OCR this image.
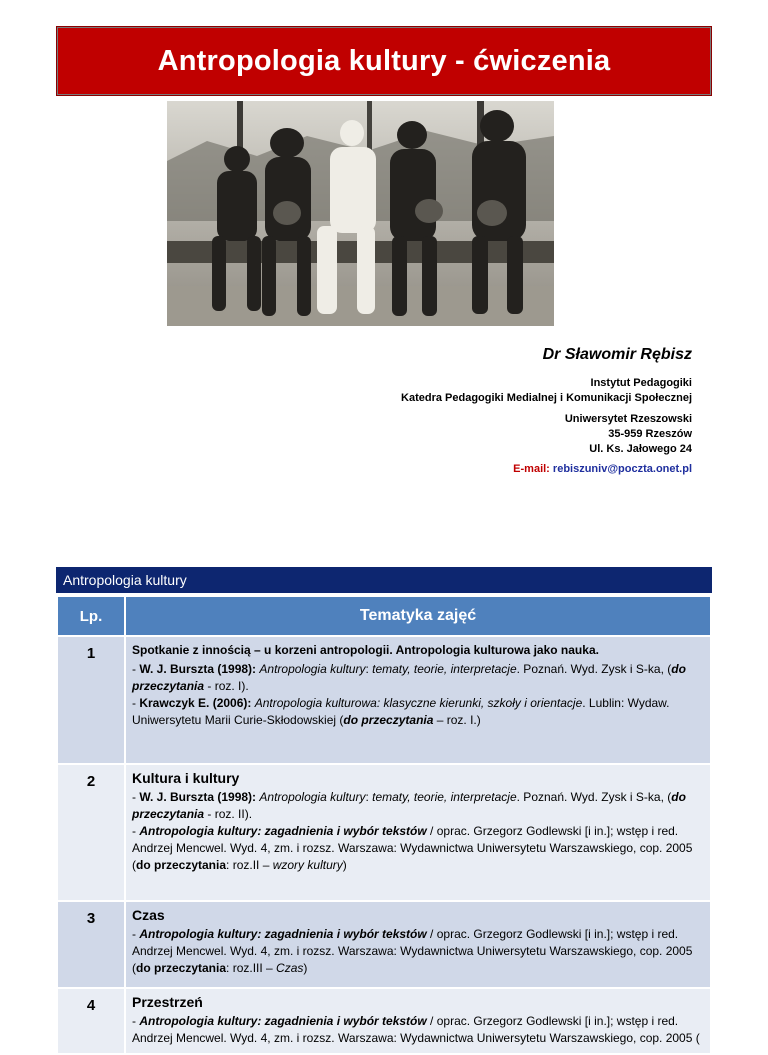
Antropologia kultury - ćwiczenia
Dr Sławomir Rębisz
Instytut Pedagogiki
Katedra Pedagogiki Medialnej i Komunikacji Społecznej
Uniwersytet Rzeszowski
35-959 Rzeszów
Ul. Ks. Jałowego 24
E-mail: rebiszuniv@poczta.onet.pl
Antropologia kultury
Lp.	Tematyka zajęć
1	Spotkanie z innością – u korzeni antropologii. Antropologia kulturowa jako nauka.
- W. J. Burszta (1998): Antropologia kultury: tematy, teorie, interpretacje. Poznań. Wyd. Zysk i S-ka, (do przeczytania - roz. I).
- Krawczyk E. (2006): Antropologia kulturowa: klasyczne kierunki, szkoły i orientacje. Lublin: Wydaw. Uniwersytetu Marii Curie-Skłodowskiej (do przeczytania – roz. I.)

2	Kultura i kultury
- W. J. Burszta (1998): Antropologia kultury: tematy, teorie, interpretacje. Poznań. Wyd. Zysk i S-ka, (do przeczytania - roz. II).
- Antropologia kultury: zagadnienia i wybór tekstów / oprac. Grzegorz Godlewski [i in.]; wstęp i red. Andrzej Mencwel. Wyd. 4, zm. i rozsz. Warszawa: Wydawnictwa Uniwersytetu Warszawskiego, cop. 2005 (do przeczytania: roz.II – wzory kultury)

3	Czas
- Antropologia kultury: zagadnienia i wybór tekstów / oprac. Grzegorz Godlewski [i in.]; wstęp i red. Andrzej Mencwel. Wyd. 4, zm. i rozsz. Warszawa: Wydawnictwa Uniwersytetu Warszawskiego, cop. 2005 (do przeczytania: roz.III – Czas)

4	Przestrzeń
- Antropologia kultury: zagadnienia i wybór tekstów / oprac. Grzegorz Godlewski [i in.]; wstęp i red. Andrzej Mencwel. Wyd. 4, zm. i rozsz. Warszawa: Wydawnictwa Uniwersytetu Warszawskiego, cop. 2005 (
